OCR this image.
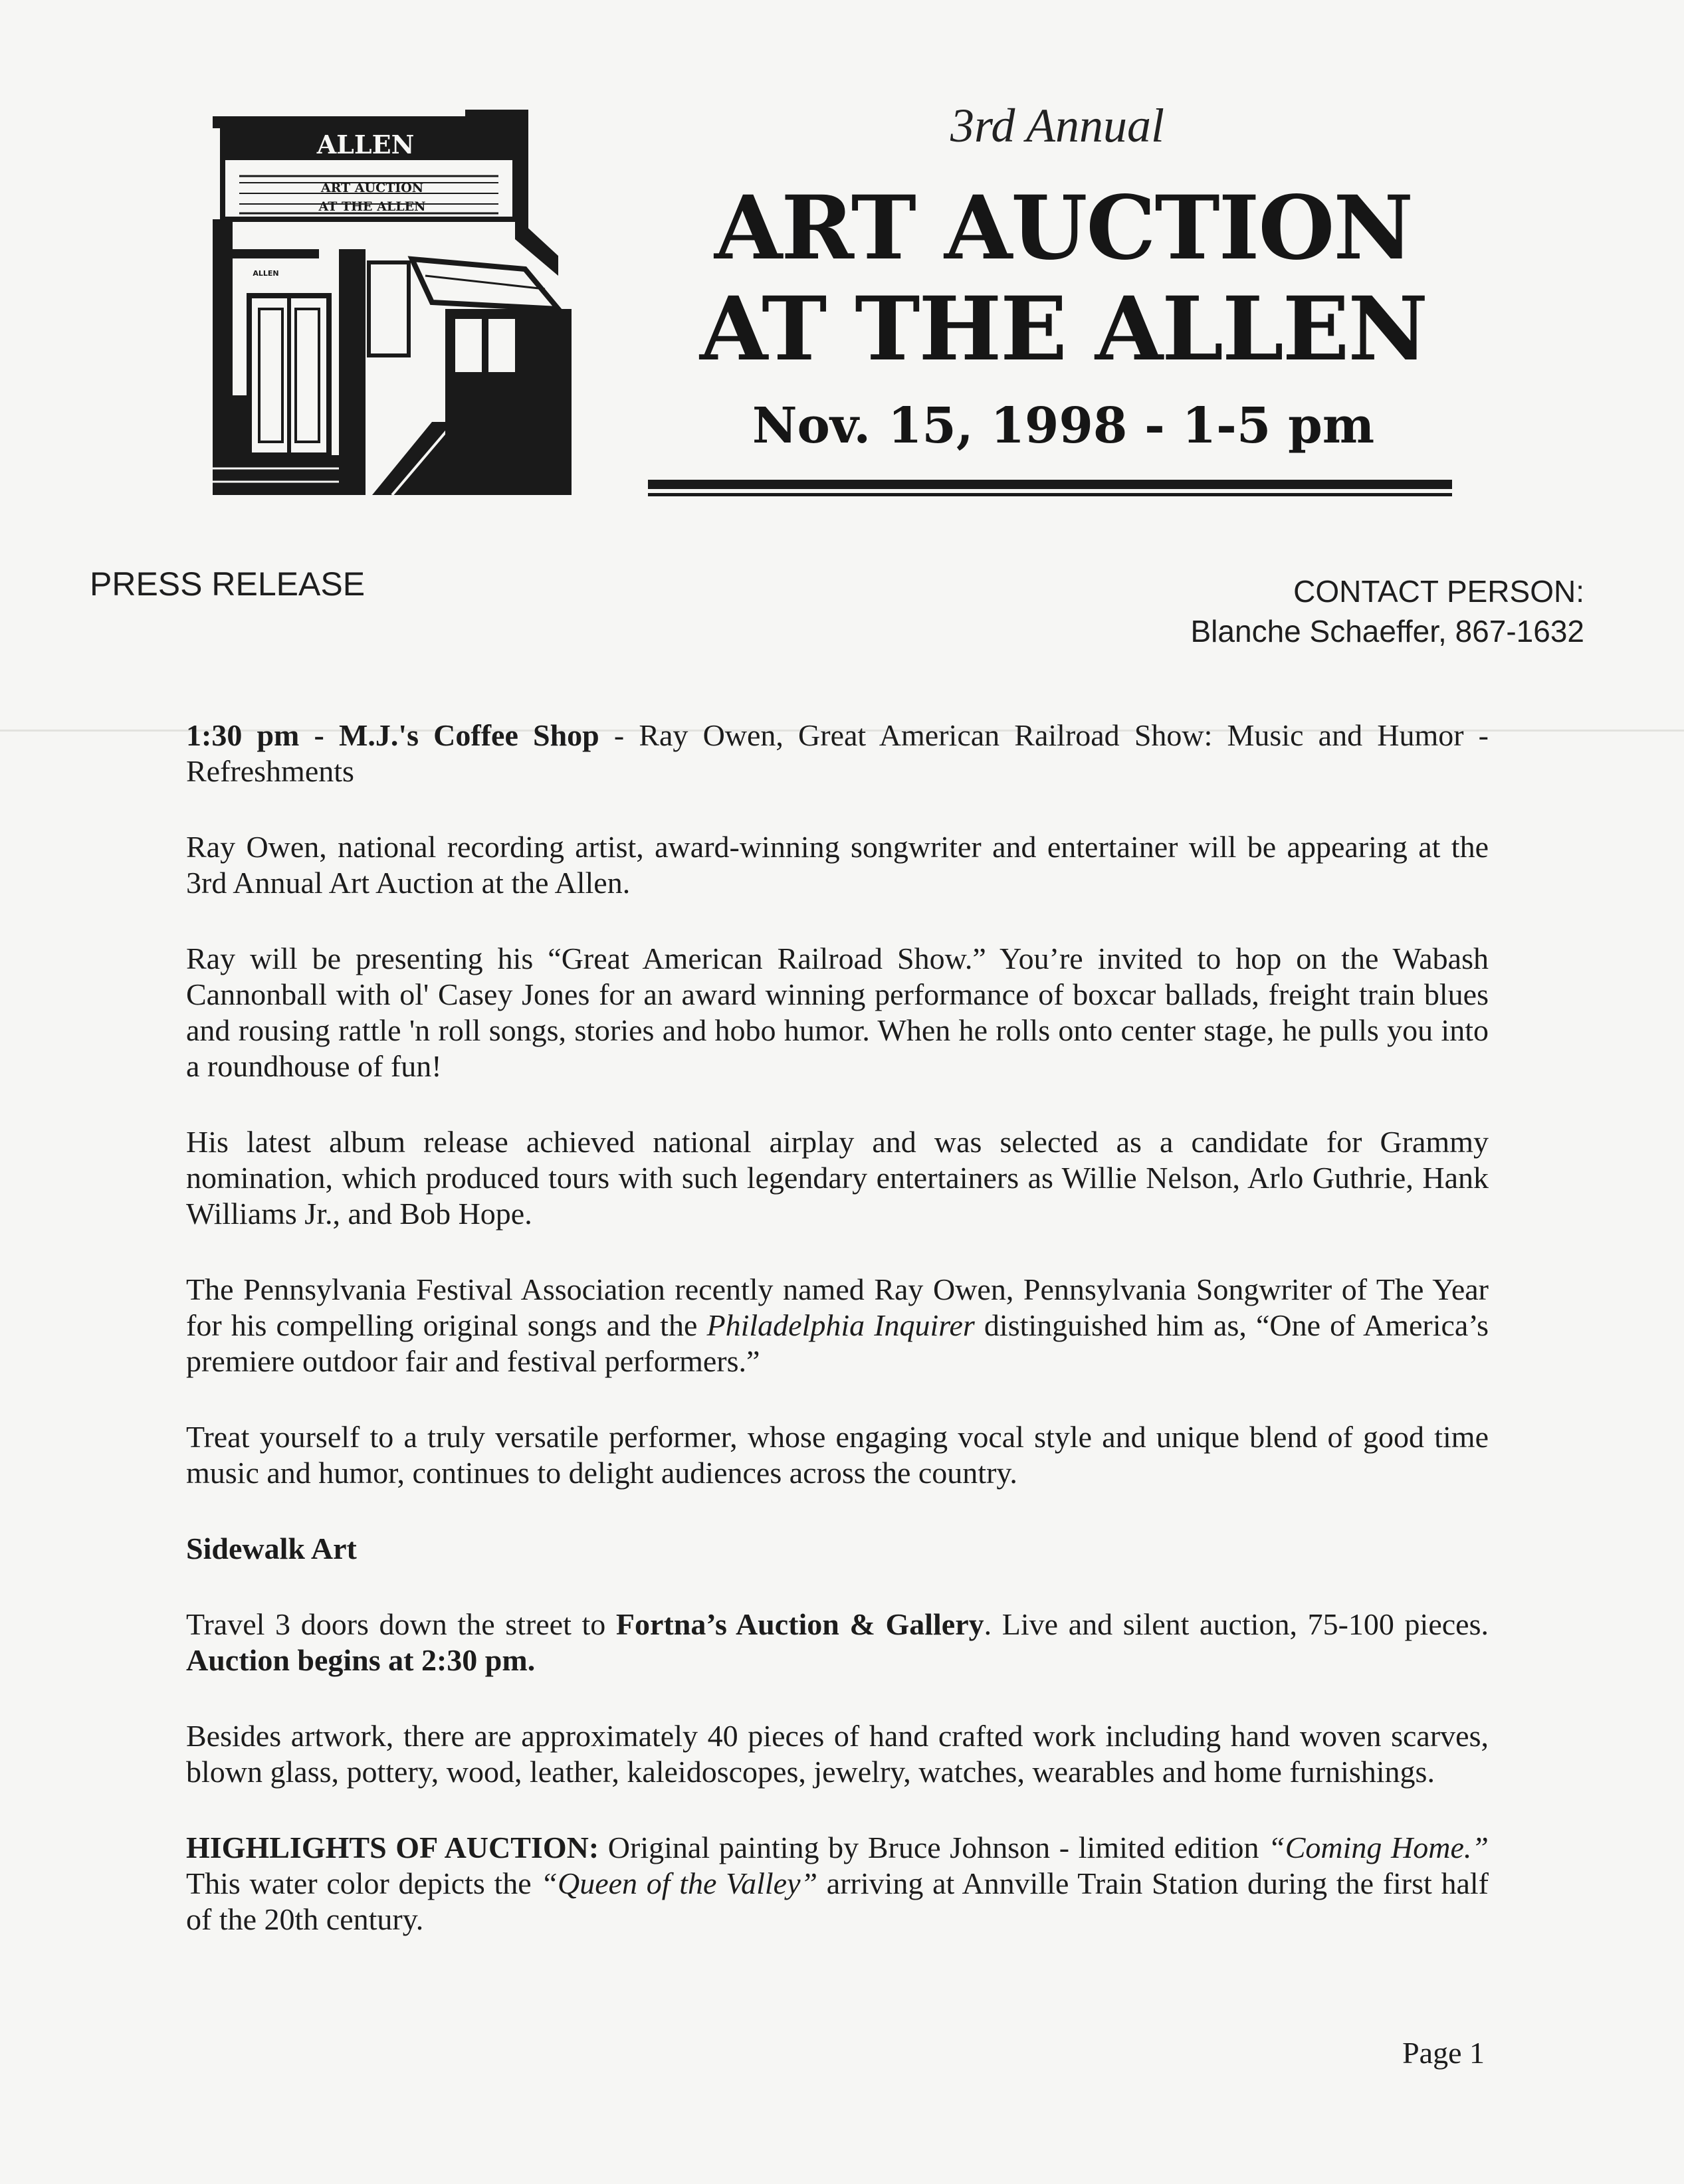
ALLEN
ART AUCTION
AT THE ALLEN
ALLEN
3rd Annual
ART AUCTION
AT THE ALLEN
Nov. 15, 1998 - 1-5 pm
PRESS RELEASE	CONTACT PERSON:
Blanche Schaeffer, 867-1632

1:30 pm - M.J.'s Coffee Shop - Ray Owen, Great American Railroad Show: Music and Humor - Refreshments

Ray Owen, national recording artist, award-winning songwriter and entertainer will be appearing at the 3rd Annual Art Auction at the Allen.

Ray will be presenting his “Great American Railroad Show.” You’re invited to hop on the Wabash Cannonball with ol' Casey Jones for an award winning performance of boxcar ballads, freight train blues and rousing rattle 'n roll songs, stories and hobo humor. When he rolls onto center stage, he pulls you into a roundhouse of fun!

His latest album release achieved national airplay and was selected as a candidate for Grammy nomination, which produced tours with such legendary entertainers as Willie Nelson, Arlo Guthrie, Hank Williams Jr., and Bob Hope.

The Pennsylvania Festival Association recently named Ray Owen, Pennsylvania Songwriter of The Year for his compelling original songs and the Philadelphia Inquirer distinguished him as, “One of America’s premiere outdoor fair and festival performers.”

Treat yourself to a truly versatile performer, whose engaging vocal style and unique blend of good time music and humor, continues to delight audiences across the country.

Sidewalk Art

Travel 3 doors down the street to Fortna’s Auction & Gallery. Live and silent auction, 75-100 pieces. Auction begins at 2:30 pm.

Besides artwork, there are approximately 40 pieces of hand crafted work including hand woven scarves, blown glass, pottery, wood, leather, kaleidoscopes, jewelry, watches, wearables and home furnishings.

HIGHLIGHTS OF AUCTION: Original painting by Bruce Johnson - limited edition “Coming Home.” This water color depicts the “Queen of the Valley” arriving at Annville Train Station during the first half of the 20th century.

Page 1
